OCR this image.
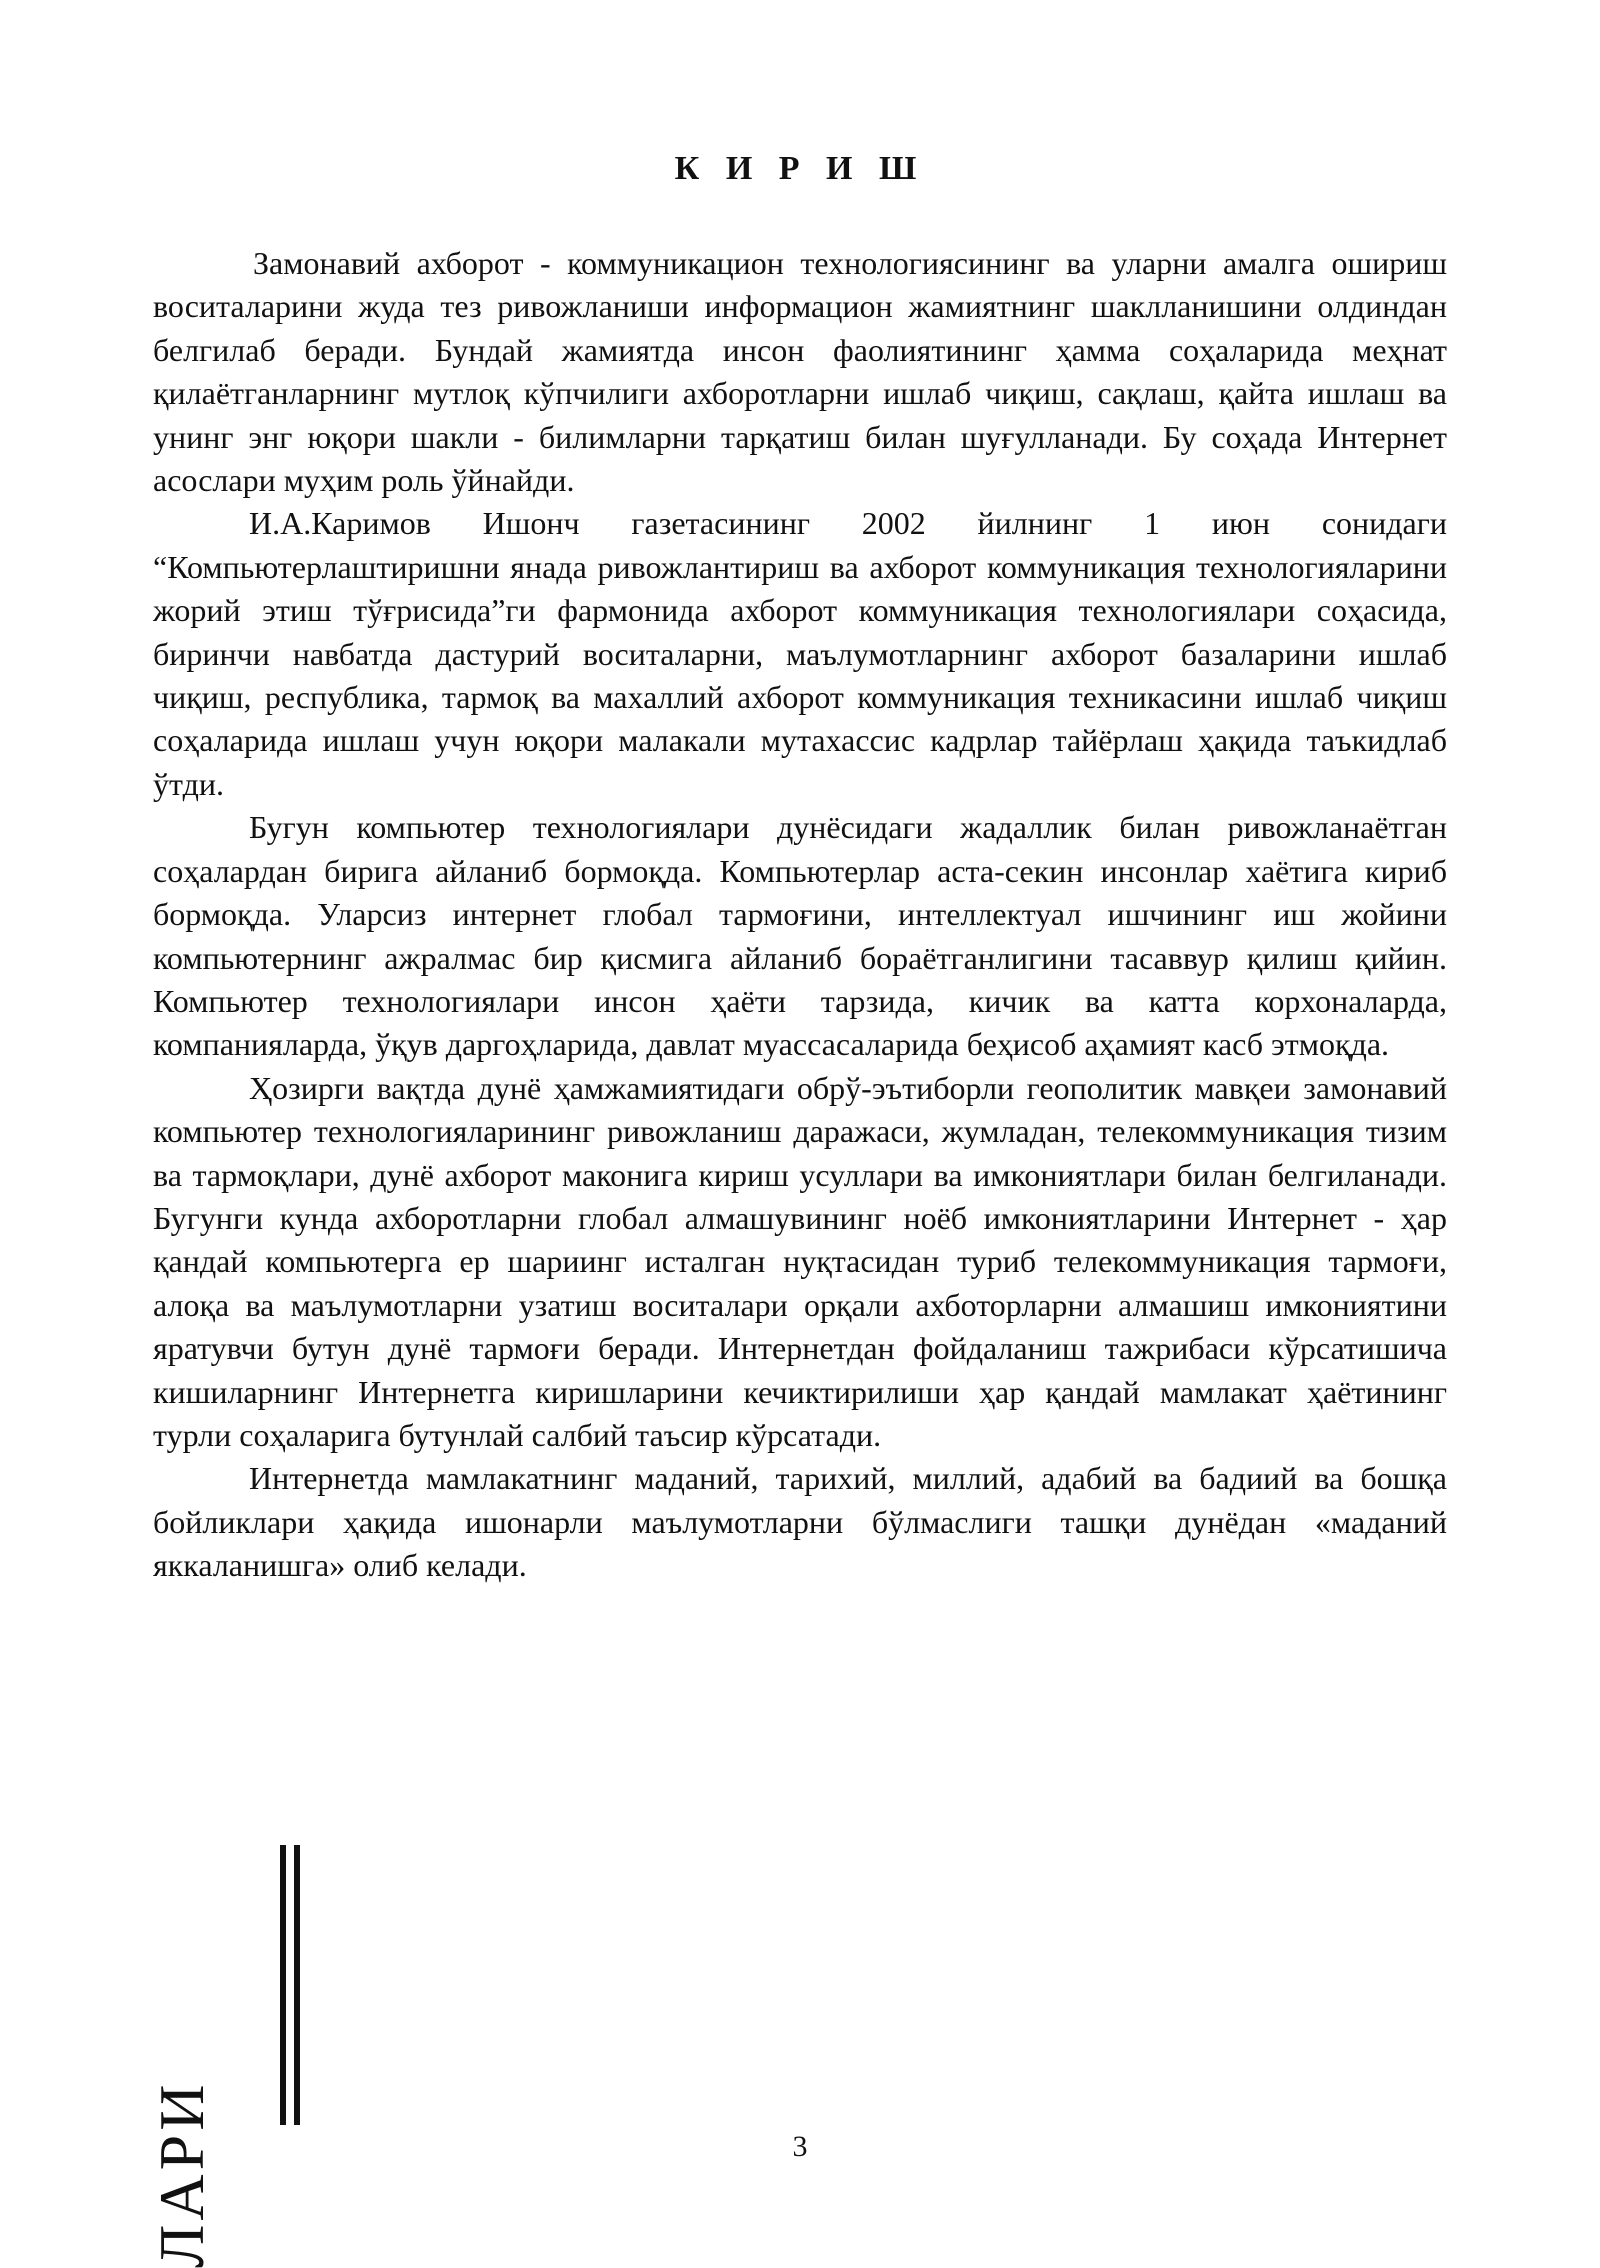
К И Р И Ш

Замонавий ахборот - коммуникацион технологиясининг ва уларни амалга ошириш воситаларини жуда тез ривожланиши информацион жамиятнинг шаклланишини олдиндан белгилаб беради. Бундай жамиятда инсон фаолиятининг ҳамма соҳаларида меҳнат қилаётганларнинг мутлоқ кўпчилиги ахборотларни ишлаб чиқиш, сақлаш, қайта ишлаш ва унинг энг юқори шакли - билимларни тарқатиш билан шуғулланади. Бу соҳада Интернет асослари муҳим роль ўйнайди.

И.А.Каримов Ишонч газетасининг 2002 йилнинг 1 июн сонидаги “Компьютерлаштиришни янада ривожлантириш ва ахборот коммуникация технологияларини жорий этиш тўғрисида”ги фармонида ахборот коммуникация технологиялари соҳасида, биринчи навбатда дастурий воситаларни, маълумотларнинг ахборот базаларини ишлаб чиқиш, республика, тармоқ ва махаллий ахборот коммуникация техникасини ишлаб чиқиш соҳаларида ишлаш учун юқори малакали мутахассис кадрлар тайёрлаш ҳақида таъкидлаб ўтди.

Бугун компьютер технологиялари дунёсидаги жадаллик билан ривожланаётган соҳалардан бирига айланиб бормоқда. Компьютерлар аста-секин инсонлар хаётига кириб бормоқда. Уларсиз интернет глобал тармоғини, интеллектуал ишчининг иш жойини компьютернинг ажралмас бир қисмига айланиб бораётганлигини тасаввур қилиш қийин. Компьютер технологиялари инсон ҳаёти тарзида, кичик ва катта корхоналарда, компанияларда, ўқув даргоҳларида, давлат муассасаларида беҳисоб аҳамият касб этмоқда.

Ҳозирги вақтда дунё ҳамжамиятидаги обрў-эътиборли геополитик мавқеи замонавий компьютер технологияларининг ривожланиш даражаси, жумладан, телекоммуникация тизим ва тармоқлари, дунё ахборот маконига кириш усуллари ва имкониятлари билан белгиланади. Бугунги кунда ахборотларни глобал алмашувининг ноёб имкониятларини Интернет - ҳар қандай компьютерга ер шариинг исталган нуқтасидан туриб телекоммуникация тармоғи, алоқа ва маълумотларни узатиш воситалари орқали ахботорларни алмашиш имкониятини яратувчи бутун дунё тармоғи беради. Интернетдан фойдаланиш тажрибаси кўрсатишича кишиларнинг Интернетга киришларини кечиктирилиши ҳар қандай мамлакат ҳаётининг турли соҳаларига бутунлай салбий таъсир кўрсатади.

Интернетда мамлакатнинг маданий, тарихий, миллий, адабий ва бадиий ва бошқа бойликлари ҳақида ишонарли маълумотларни бўлмаслиги ташқи дунёдан «маданий яккаланишга» олиб келади.

ЛАРИ	3
